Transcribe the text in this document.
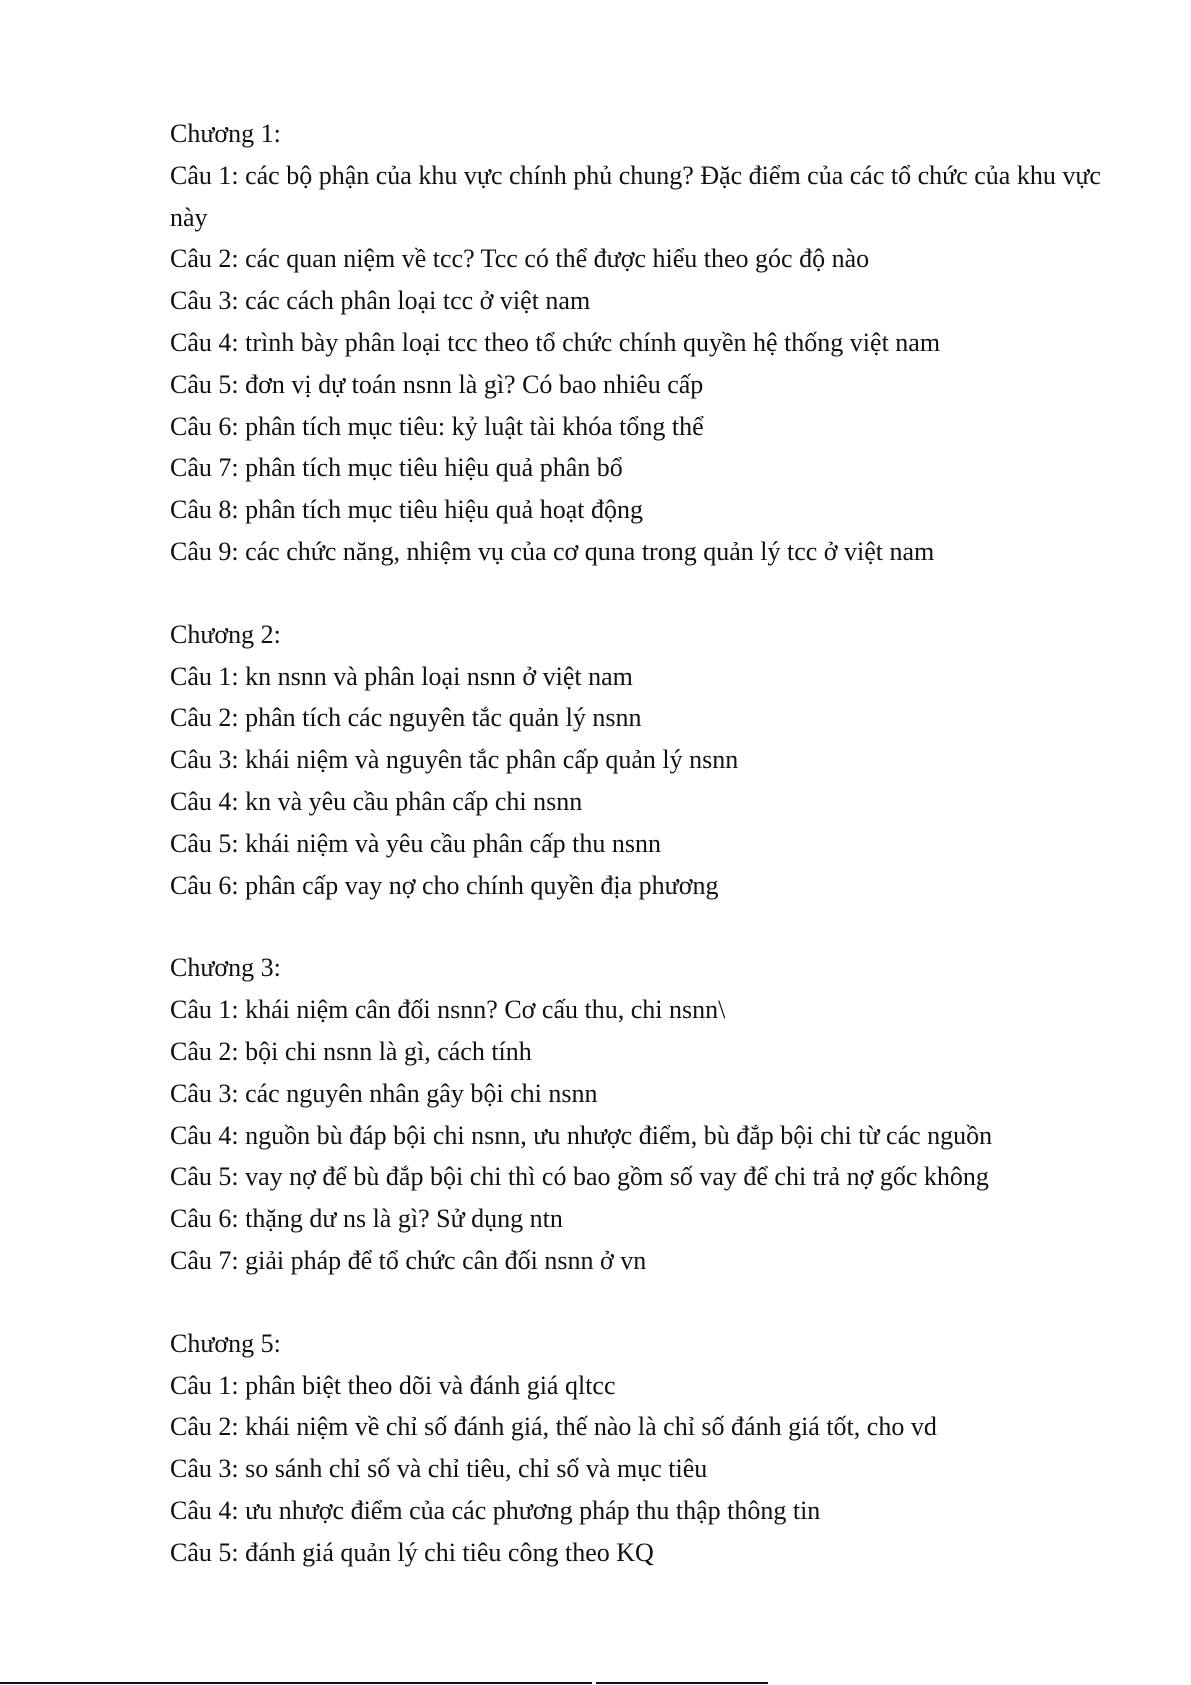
Chương 1:

Câu 1: các bộ phận của khu vực chính phủ chung? Đặc điểm của các tổ chức của khu vực này

Câu 2: các quan niệm về tcc? Tcc có thể được hiểu theo góc độ nào

Câu 3: các cách phân loại tcc ở việt nam

Câu 4: trình bày phân loại tcc theo tổ chức chính quyền hệ thống việt nam

Câu 5: đơn vị dự toán nsnn là gì? Có bao nhiêu cấp

Câu 6: phân tích mục tiêu: kỷ luật tài khóa tổng thể

Câu 7: phân tích mục tiêu hiệu quả phân bổ

Câu 8: phân tích mục tiêu hiệu quả hoạt động

Câu 9: các chức năng, nhiệm vụ của cơ quna trong quản lý tcc ở việt nam

Chương 2:

Câu 1: kn nsnn và phân loại nsnn ở việt nam

Câu 2: phân tích các nguyên tắc quản lý nsnn

Câu 3: khái niệm và nguyên tắc phân cấp quản lý nsnn

Câu 4: kn và yêu cầu phân cấp chi nsnn

Câu 5: khái niệm và yêu cầu phân cấp thu nsnn

Câu 6: phân cấp vay nợ cho chính quyền địa phương

Chương 3:

Câu 1: khái niệm cân đối nsnn? Cơ cấu thu, chi nsnn\

Câu 2: bội chi nsnn là gì, cách tính

Câu 3: các nguyên nhân gây bội chi nsnn

Câu 4: nguồn bù đáp bội chi nsnn, ưu nhược điểm, bù đắp bội chi từ các nguồn

Câu 5: vay nợ để bù đắp bội chi thì có bao gồm số vay để chi trả nợ gốc không

Câu 6: thặng dư ns là gì? Sử dụng ntn

Câu 7: giải pháp để tổ chức cân đối nsnn ở vn

Chương 5:

Câu 1: phân biệt theo dõi và đánh giá qltcc

Câu 2: khái niệm về chỉ số đánh giá, thế nào là chỉ số đánh giá tốt, cho vd

Câu 3: so sánh chỉ số và chỉ tiêu, chỉ số và mục tiêu

Câu 4: ưu nhược điểm của các phương pháp thu thập thông tin

Câu 5: đánh giá quản lý chi tiêu công theo KQ
